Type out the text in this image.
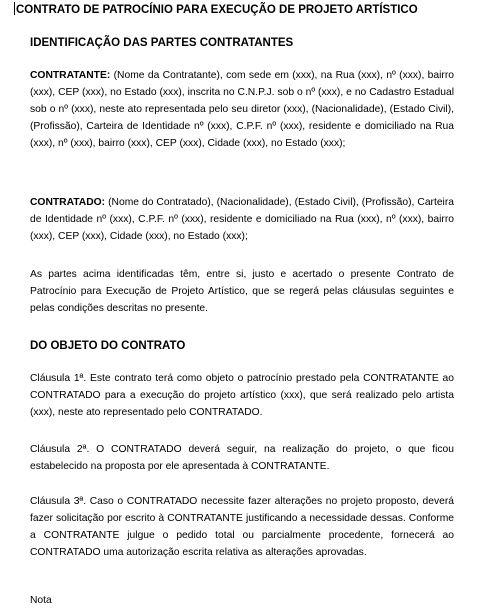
CONTRATO DE PATROCÍNIO PARA EXECUÇÃO DE PROJETO ARTÍSTICO
IDENTIFICAÇÃO DAS PARTES CONTRATANTES
CONTRATANTE: (Nome da Contratante), com sede em (xxx), na Rua (xxx), nº (xxx), bairro (xxx), CEP (xxx), no Estado (xxx), inscrita no C.N.P.J. sob o nº (xxx), e no Cadastro Estadual sob o nº (xxx), neste ato representada pelo seu diretor (xxx), (Nacionalidade), (Estado Civil), (Profissão), Carteira de Identidade nº (xxx), C.P.F. nº (xxx), residente e domiciliado na Rua (xxx), nº (xxx), bairro (xxx), CEP (xxx), Cidade (xxx), no Estado (xxx);
CONTRATADO: (Nome do Contratado), (Nacionalidade), (Estado Civil), (Profissão), Carteira de Identidade nº (xxx), C.P.F. nº (xxx), residente e domiciliado na Rua (xxx), nº (xxx), bairro (xxx), CEP (xxx), Cidade (xxx), no Estado (xxx);
As partes acima identificadas têm, entre si, justo e acertado o presente Contrato de Patrocínio para Execução de Projeto Artístico, que se regerá pelas cláusulas seguintes e pelas condições descritas no presente.
DO OBJETO DO CONTRATO
Cláusula 1ª. Este contrato terá como objeto o patrocínio prestado pela CONTRATANTE ao CONTRATADO para a execução do projeto artístico (xxx), que será realizado pelo artista (xxx), neste ato representado pelo CONTRATADO.
Cláusula 2ª. O CONTRATADO deverá seguir, na realização do projeto, o que ficou estabelecido na proposta por ele apresentada à CONTRATANTE.
Cláusula 3ª. Caso o CONTRATADO necessite fazer alterações no projeto proposto, deverá fazer solicitação por escrito à CONTRATANTE justificando a necessidade dessas. Conforme a CONTRATANTE julgue o pedido total ou parcialmente procedente, fornecerá ao CONTRATADO uma autorização escrita relativa as alterações aprovadas.
Nota
